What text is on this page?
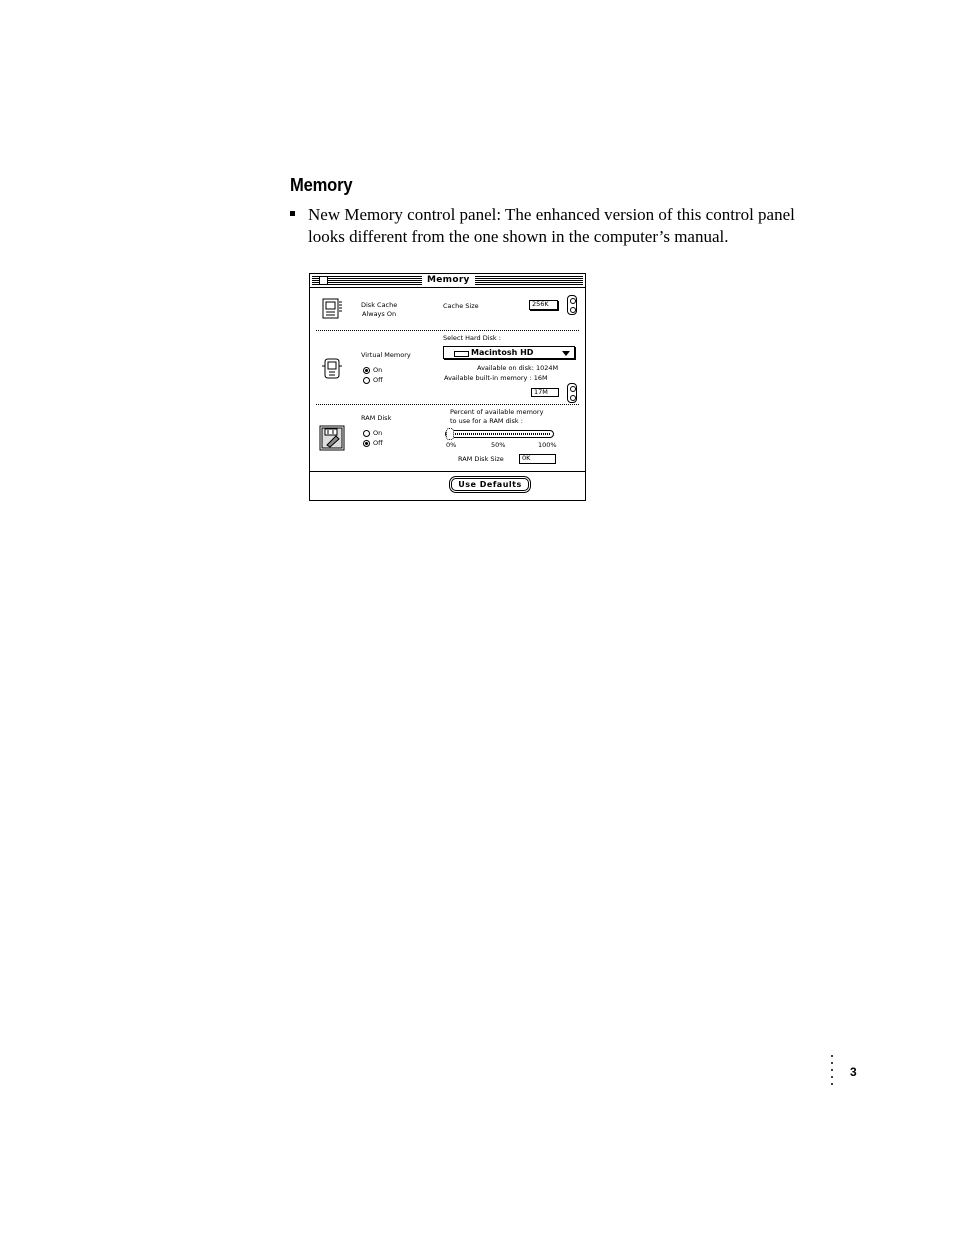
Memory

New Memory control panel: The enhanced version of this control panel looks different from the one shown in the computer’s manual.

Memory
Disk Cache
Always On
Cache Size	256K
Virtual Memory
On
Off
Select Hard Disk :
Macintosh HD
Available on disk: 1024M
Available built-in memory : 16M
17M
RAM Disk
On
Off
Percent of available memory
to use for a RAM disk :
0%	50%	100%
RAM Disk Size	0K
Use Defaults

3
